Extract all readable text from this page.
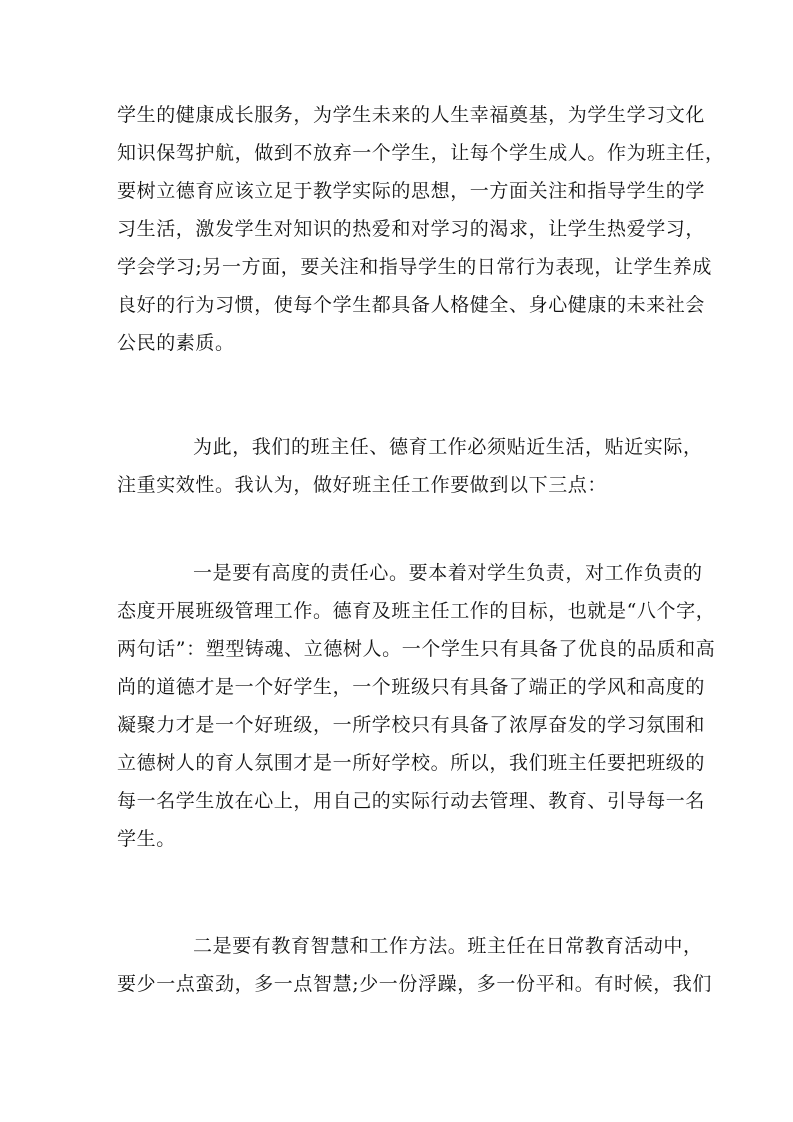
学生的健康成长服务，为学生未来的人生幸福奠基，为学生学习文化
知识保驾护航，做到不放弃一个学生，让每个学生成人。作为班主任，
要树立德育应该立足于教学实际的思想，一方面关注和指导学生的学
习生活，激发学生对知识的热爱和对学习的渴求，让学生热爱学习，
学会学习;另一方面，要关注和指导学生的日常行为表现，让学生养成
良好的行为习惯，使每个学生都具备人格健全、身心健康的未来社会
公民的素质。
为此，我们的班主任、德育工作必须贴近生活，贴近实际，
注重实效性。我认为，做好班主任工作要做到以下三点：
一是要有高度的责任心。要本着对学生负责，对工作负责的
态度开展班级管理工作。德育及班主任工作的目标，也就是“八个字，
两句话”：塑型铸魂、立德树人。一个学生只有具备了优良的品质和高
尚的道德才是一个好学生，一个班级只有具备了端正的学风和高度的
凝聚力才是一个好班级，一所学校只有具备了浓厚奋发的学习氛围和
立德树人的育人氛围才是一所好学校。所以，我们班主任要把班级的
每一名学生放在心上，用自己的实际行动去管理、教育、引导每一名
学生。
二是要有教育智慧和工作方法。班主任在日常教育活动中，
要少一点蛮劲，多一点智慧;少一份浮躁，多一份平和。有时候，我们
